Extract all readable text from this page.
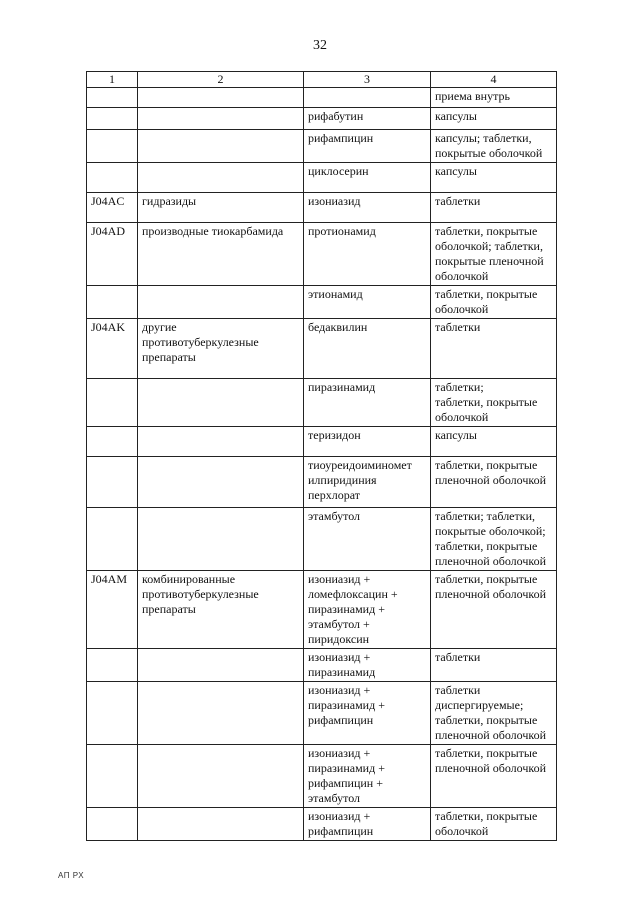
32
1	2	3	4

			приема внутрь

		рифабутин	капсулы

		рифампицин	капсулы; таблетки,
покрытые оболочкой

		циклосерин	капсулы

J04AC	гидразиды	изониазид	таблетки

J04AD	производные тиокарбамида	протионамид	таблетки, покрытые
оболочкой; таблетки,
покрытые пленочной
оболочкой

		этионамид	таблетки, покрытые
оболочкой

J04AK	другие
противотуберкулезные
препараты	бедаквилин	таблетки

		пиразинамид	таблетки;
таблетки, покрытые
оболочкой

		теризидон	капсулы

		тиоуреидоиминомет
илпиридиния
перхлорат	таблетки, покрытые
пленочной оболочкой

		этамбутол	таблетки; таблетки,
покрытые оболочкой;
таблетки, покрытые
пленочной оболочкой

J04AM	комбинированные
противотуберкулезные
препараты	изониазид +
ломефлоксацин +
пиразинамид +
этамбутол +
пиридоксин	таблетки, покрытые
пленочной оболочкой

		изониазид +
пиразинамид	таблетки

		изониазид +
пиразинамид +
рифампицин	таблетки
диспергируемые;
таблетки, покрытые
пленочной оболочкой

		изониазид +
пиразинамид +
рифампицин +
этамбутол	таблетки, покрытые
пленочной оболочкой

		изониазид +
рифампицин	таблетки, покрытые
оболочкой
АП РХ
